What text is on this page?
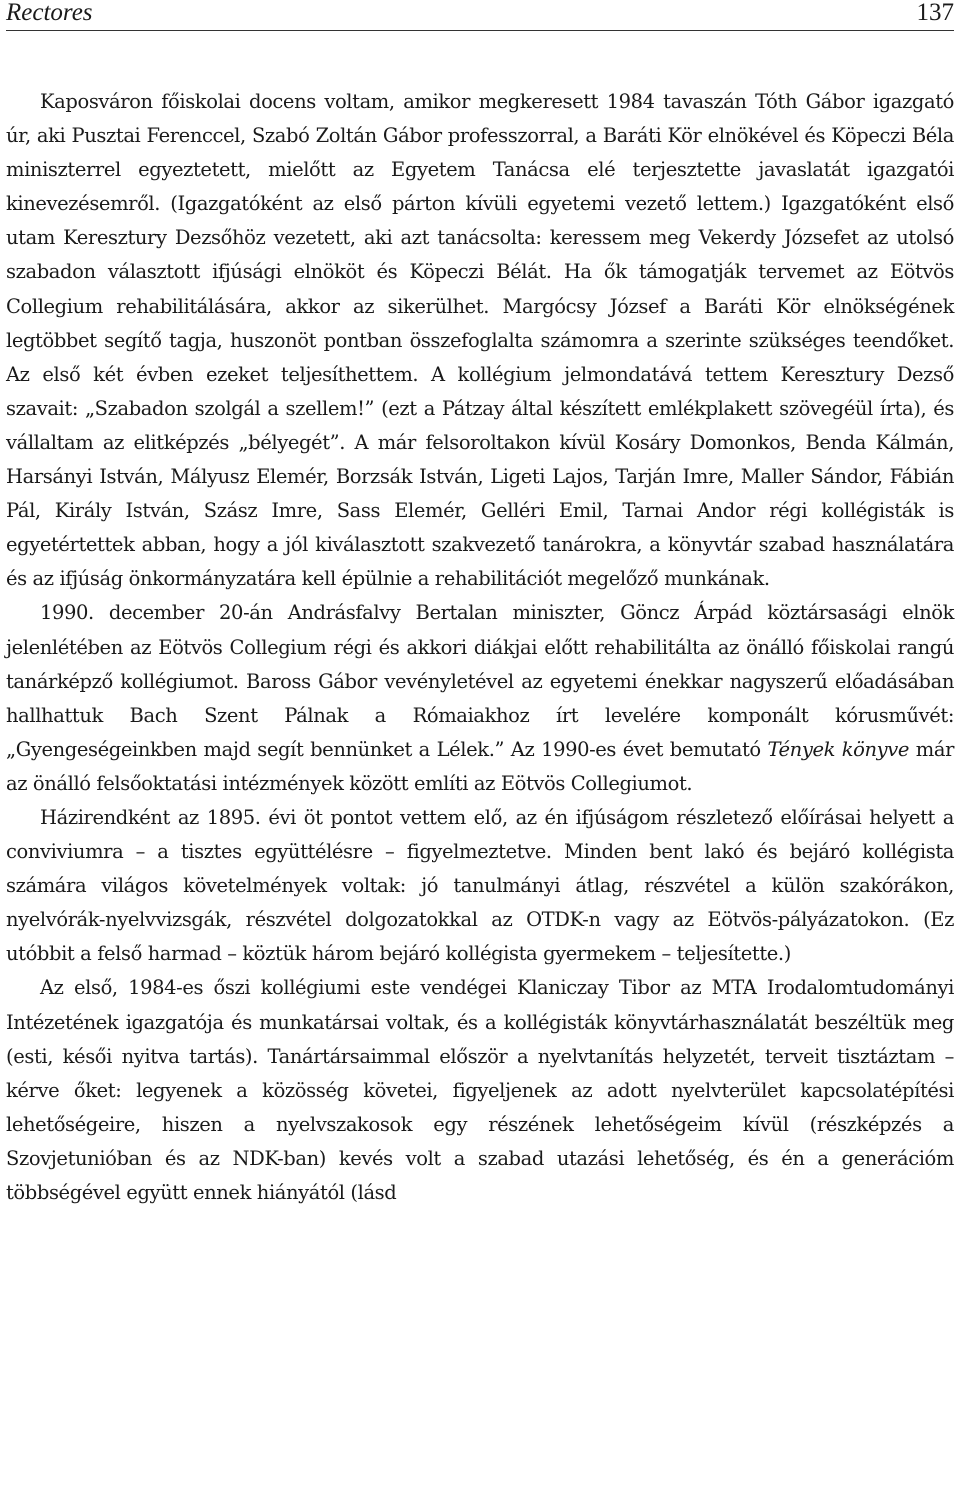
Rectores	137

Kaposváron főiskolai docens voltam, amikor megkeresett 1984 tavaszán Tóth Gábor igazgató úr, aki Pusztai Ferenccel, Szabó Zoltán Gábor professzorral, a Baráti Kör elnökével és Köpeczi Béla miniszterrel egyeztetett, mielőtt az Egyetem Tanácsa elé terjesztette javaslatát igazgatói kinevezésemről. (Igazgatóként az első párton kívüli egyetemi vezető lettem.) Igazgatóként első utam Keresztury Dezsőhöz vezetett, aki azt tanácsolta: keressem meg Vekerdy Józsefet az utolsó szabadon választott ifjúsági elnököt és Köpeczi Bélát. Ha ők támogatják tervemet az Eötvös Collegium rehabilitálására, akkor az sikerülhet. Margócsy József a Baráti Kör elnökségének legtöbbet segítő tagja, huszonöt pontban összefoglalta számomra a szerinte szükséges teendőket. Az első két évben ezeket teljesíthettem. A kollégium jelmondatává tettem Keresztury Dezső szavait: „Szabadon szolgál a szellem!” (ezt a Pátzay által készített emlékplakett szövegéül írta), és vállaltam az elitképzés „bélyegét”. A már felsoroltakon kívül Kosáry Domonkos, Benda Kálmán, Harsányi István, Mályusz Elemér, Borzsák István, Ligeti Lajos, Tarján Imre, Maller Sándor, Fábián Pál, Király István, Szász Imre, Sass Elemér, Gelléri Emil, Tarnai Andor régi kollégisták is egyetértettek abban, hogy a jól kiválasztott szakvezető tanárokra, a könyvtár szabad használatára és az ifjúság önkormányzatára kell épülnie a rehabilitációt megelőző munkának.

1990. december 20-án Andrásfalvy Bertalan miniszter, Göncz Árpád köztársasági elnök jelenlétében az Eötvös Collegium régi és akkori diákjai előtt rehabilitálta az önálló főiskolai rangú tanárképző kollégiumot. Baross Gábor vevényletével az egyetemi énekkar nagyszerű előadásában hallhattuk Bach Szent Pálnak a Rómaiakhoz írt levelére komponált kórusművét: „Gyengeségeinkben majd segít bennünket a Lélek.” Az 1990-es évet bemutató Tények könyve már az önálló felsőoktatási intézmények között említi az Eötvös Collegiumot.

Házirendként az 1895. évi öt pontot vettem elő, az én ifjúságom részletező előírásai helyett a conviviumra – a tisztes együttélésre – figyelmeztetve. Minden bent lakó és bejáró kollégista számára világos követelmények voltak: jó tanulmányi átlag, részvétel a külön szakórákon, nyelvórák-nyelvvizsgák, részvétel dolgozatokkal az OTDK-n vagy az Eötvös-pályázatokon. (Ez utóbbit a felső harmad – köztük három bejáró kollégista gyermekem – teljesítette.)

Az első, 1984-es őszi kollégiumi este vendégei Klaniczay Tibor az MTA Irodalomtudományi Intézetének igazgatója és munkatársai voltak, és a kollégisták könyvtárhasználatát beszéltük meg (esti, késői nyitva tartás). Tanártársaimmal először a nyelvtanítás helyzetét, terveit tisztáztam – kérve őket: legyenek a közösség követei, figyeljenek az adott nyelvterület kapcsolatépítési lehetőségeire, hiszen a nyelvszakosok egy részének lehetőségeim kívül (részképzés a Szovjetunióban és az NDK-ban) kevés volt a szabad utazási lehetőség, és én a generációm többségével együtt ennek hiányától (lásd
